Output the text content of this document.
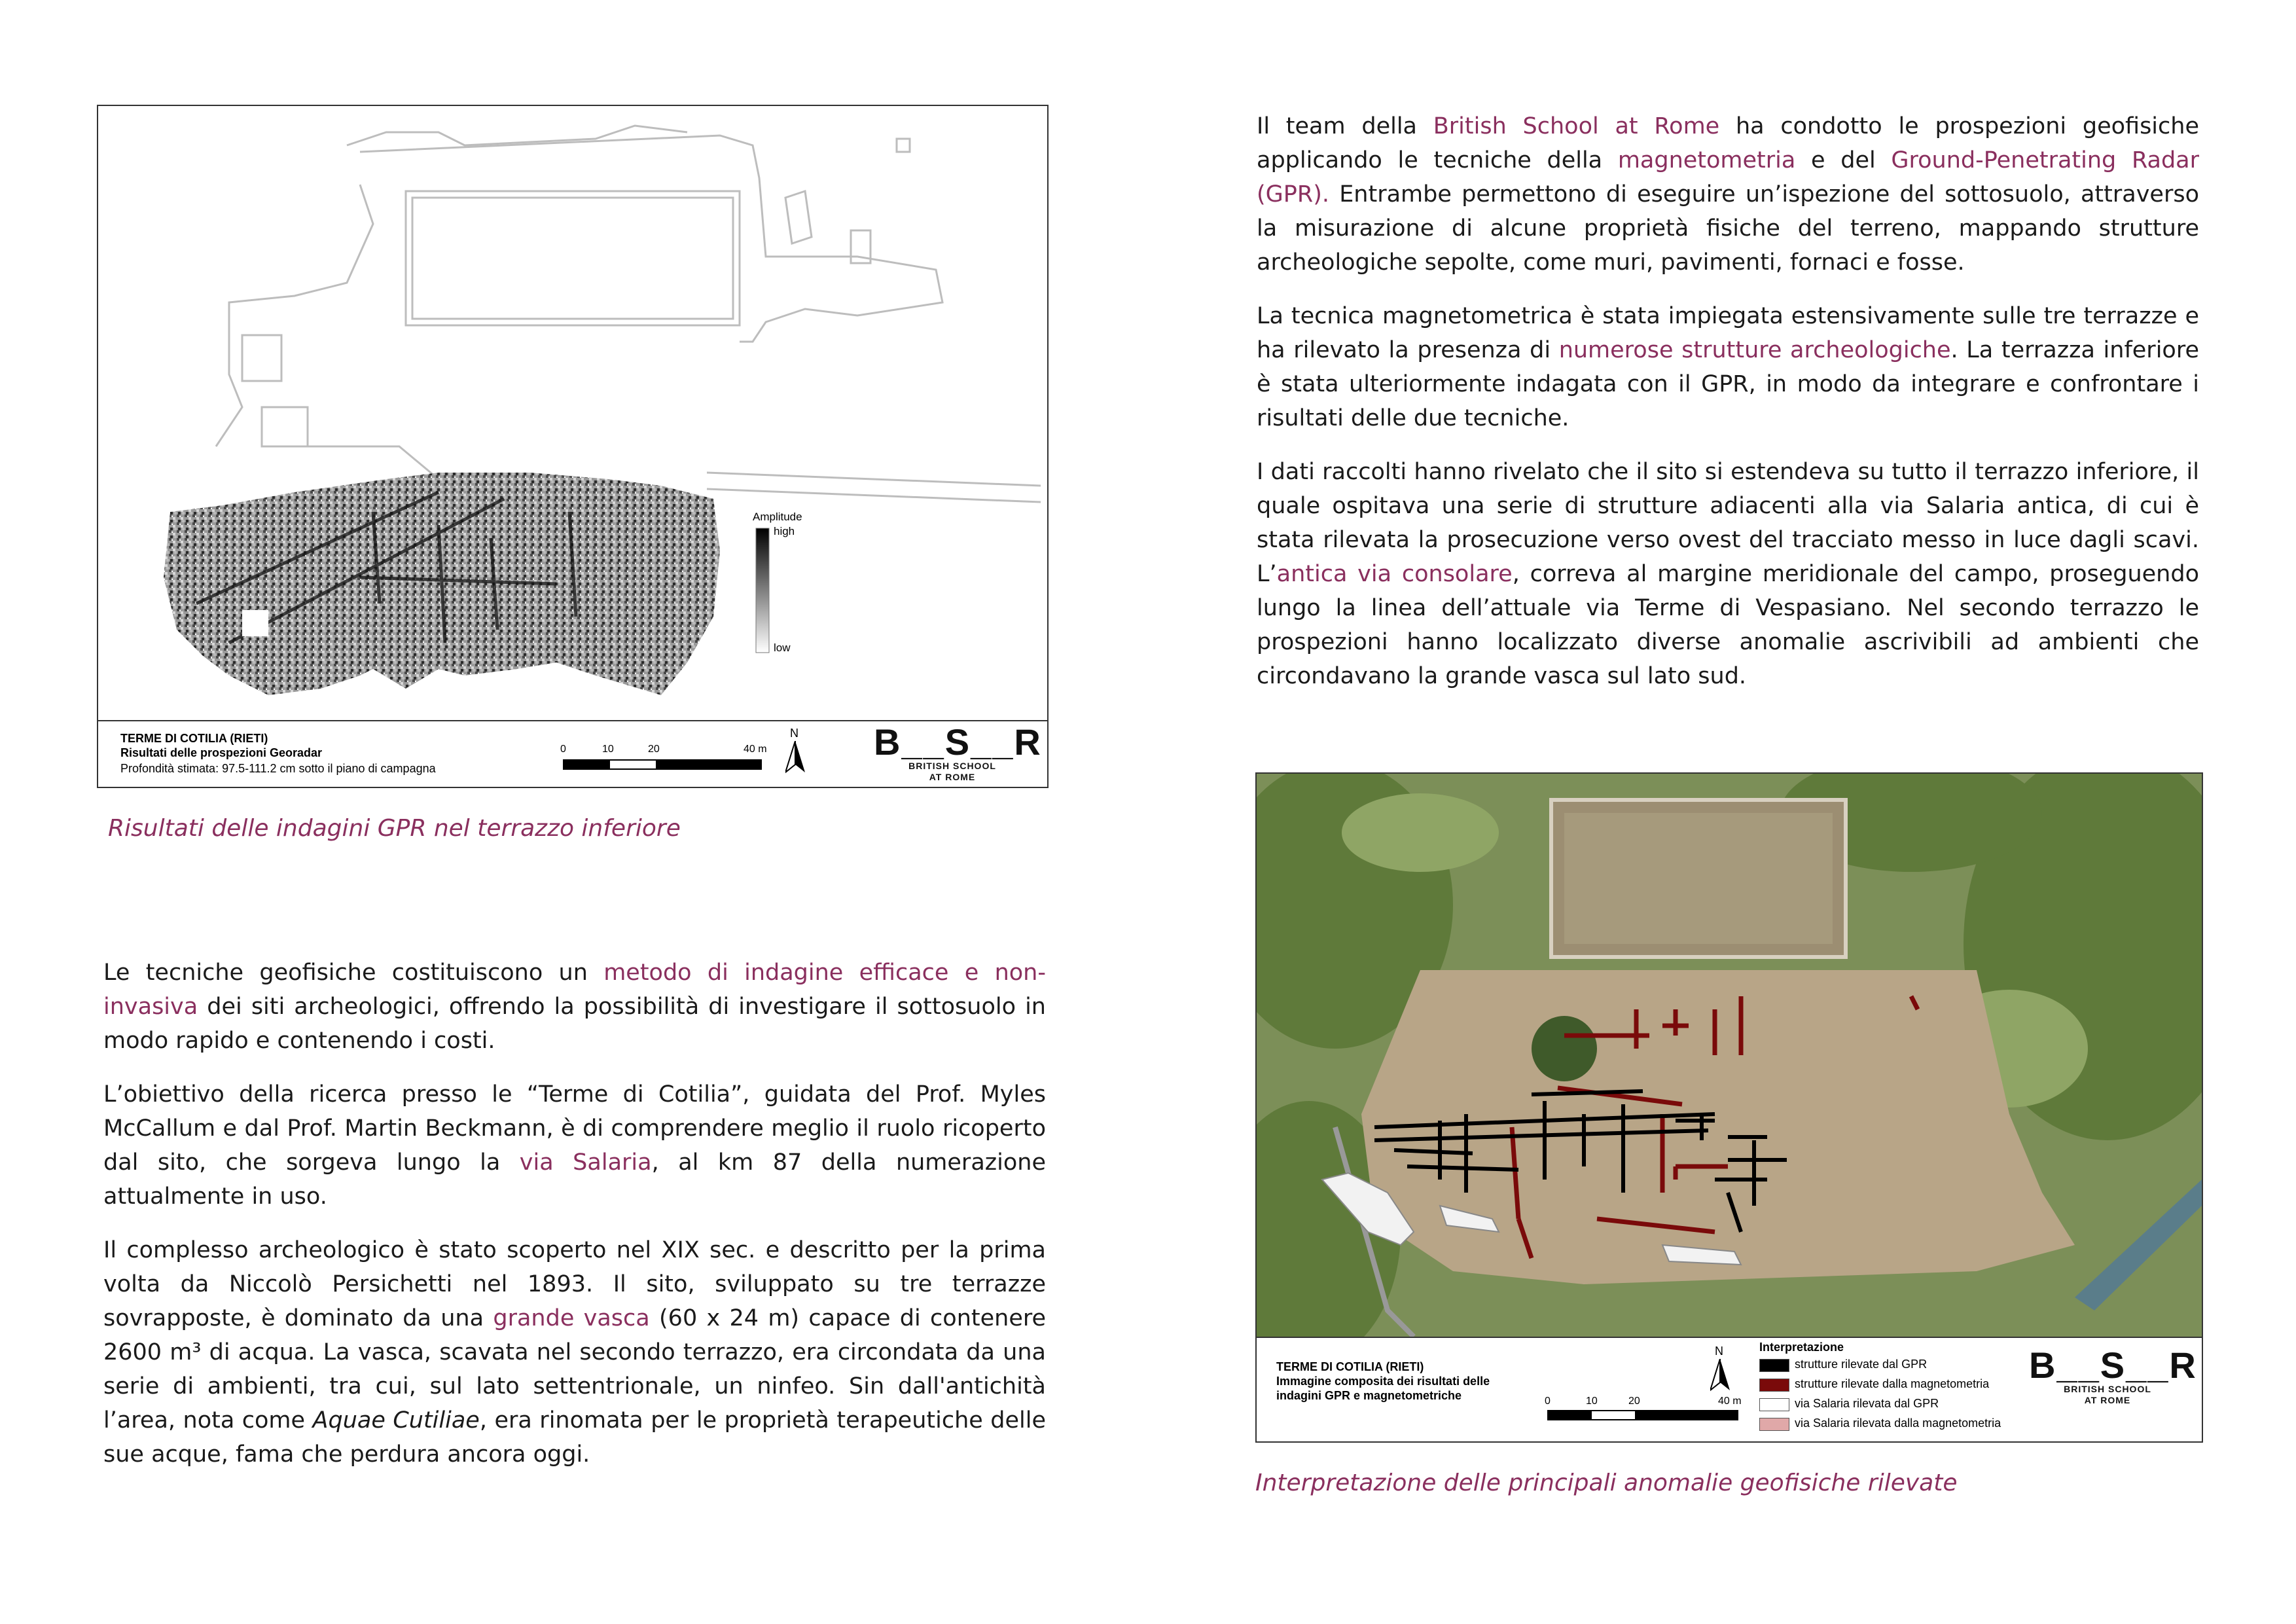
Amplitude
high
low
TERME DI COTILIA (RIETI)
Risultati delle prospezioni Georadar
Profondità stimata: 97.5-111.2 cm sotto il piano di campagna
0	10	20	40 m
N B__S__R
BRITISH SCHOOL
AT ROME
Risultati delle indagini GPR nel terrazzo inferiore

Il team della British School at Rome ha condotto le prospezioni geofisiche applicando le tecniche della magnetometria e del Ground-Penetrating Radar (GPR). Entrambe permettono di eseguire un’ispezione del sottosuolo, attraverso la misurazione di alcune proprietà fisiche del terreno, mappando strutture archeologiche sepolte, come muri, pavimenti, fornaci e fosse.

La tecnica magnetometrica è stata impiegata estensivamente sulle tre terrazze e ha rilevato la presenza di numerose strutture archeologiche. La terrazza inferiore è stata ulteriormente indagata con il GPR, in modo da integrare e confrontare i risultati delle due tecniche.

I dati raccolti hanno rivelato che il sito si estendeva su tutto il terrazzo inferiore, il quale ospitava una serie di strutture adiacenti alla via Salaria antica, di cui è stata rilevata la prosecuzione verso ovest del tracciato messo in luce dagli scavi. L’antica via consolare, correva al margine meridionale del campo, proseguendo lungo la linea dell’attuale via Terme di Vespasiano. Nel secondo terrazzo le prospezioni hanno localizzato diverse anomalie ascrivibili ad ambienti che circondavano la grande vasca sul lato sud.

Le tecniche geofisiche costituiscono un metodo di indagine efficace e non-invasiva dei siti archeologici, offrendo la possibilità di investigare il sottosuolo in modo rapido e contenendo i costi.

L’obiettivo della ricerca presso le “Terme di Cotilia”, guidata del Prof. Myles McCallum e dal Prof. Martin Beckmann, è di comprendere meglio il ruolo ricoperto dal sito, che sorgeva lungo la via Salaria, al km 87 della numerazione attualmente in uso.

Il complesso archeologico è stato scoperto nel XIX sec. e descritto per la prima volta da Niccolò Persichetti nel 1893. Il sito, sviluppato su tre terrazze sovrapposte, è dominato da una grande vasca (60 x 24 m) capace di contenere 2600 m³ di acqua. La vasca, scavata nel secondo terrazzo, era circondata da una serie di ambienti, tra cui, sul lato settentrionale, un ninfeo. Sin dall'antichità l’area, nota come Aquae Cutiliae, era rinomata per le proprietà terapeutiche delle sue acque, fama che perdura ancora oggi.

TERME DI COTILIA (RIETI)
Immagine composita dei risultati delle
indagini GPR e magnetometriche
N
0	10	20	40 m
Interpretazione
strutture rilevate dal GPR
strutture rilevate dalla magnetometria
via Salaria rilevata dal GPR
via Salaria rilevata dalla magnetometria
B__S__R
BRITISH SCHOOL
AT ROME
Interpretazione delle principali anomalie geofisiche rilevate
